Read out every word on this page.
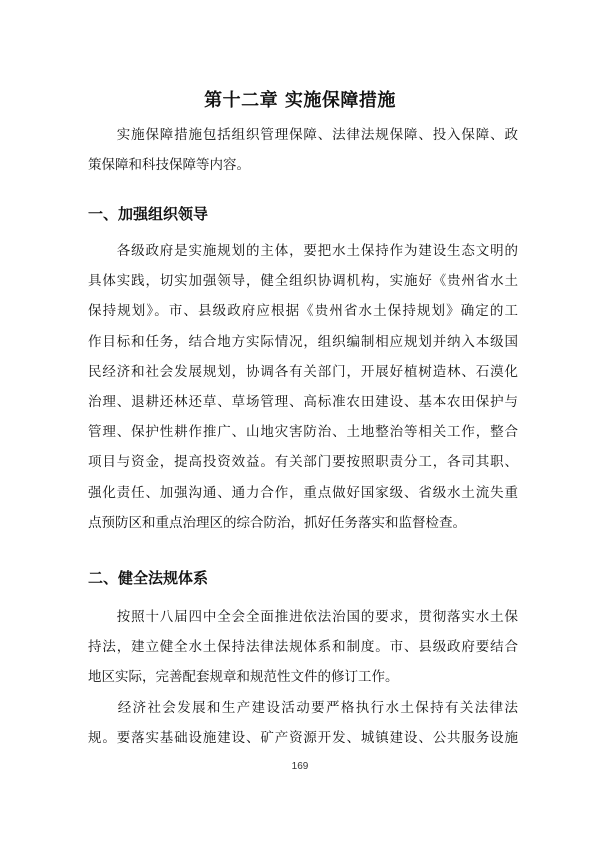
第十二章 实施保障措施
　　实施保障措施包括组织管理保障、法律法规保障、投入保障、政
策保障和科技保障等内容。
一、加强组织领导
　　各级政府是实施规划的主体，要把水土保持作为建设生态文明的
具体实践，切实加强领导，健全组织协调机构，实施好《贵州省水土
保持规划》。市、县级政府应根据《贵州省水土保持规划》确定的工
作目标和任务，结合地方实际情况，组织编制相应规划并纳入本级国
民经济和社会发展规划，协调各有关部门，开展好植树造林、石漠化
治理、退耕还林还草、草场管理、高标准农田建设、基本农田保护与
管理、保护性耕作推广、山地灾害防治、土地整治等相关工作，整合
项目与资金，提高投资效益。有关部门要按照职责分工，各司其职、
强化责任、加强沟通、通力合作，重点做好国家级、省级水土流失重
点预防区和重点治理区的综合防治，抓好任务落实和监督检查。
二、健全法规体系
　　按照十八届四中全会全面推进依法治国的要求，贯彻落实水土保
持法，建立健全水土保持法律法规体系和制度。市、县级政府要结合
地区实际，完善配套规章和规范性文件的修订工作。
　　经济社会发展和生产建设活动要严格执行水土保持有关法律法
规。要落实基础设施建设、矿产资源开发、城镇建设、公共服务设施
169
